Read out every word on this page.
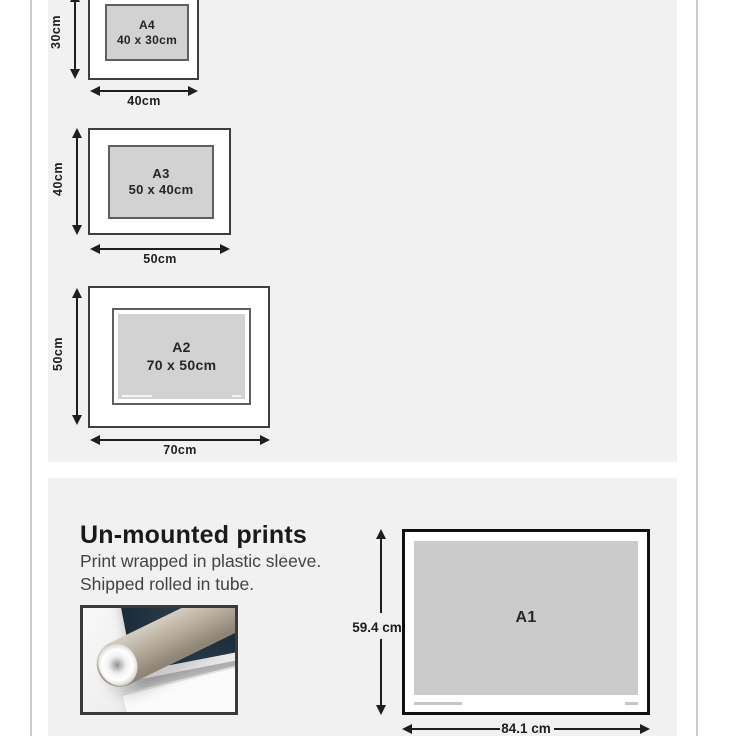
A4
40 x 30cm
30cm
40cm
A3
50 x 40cm
40cm
50cm
A2
70 x 50cm
50cm
70cm
Un-mounted prints
Print wrapped in plastic sleeve.
Shipped rolled in tube.
A1
59.4 cm
84.1 cm
